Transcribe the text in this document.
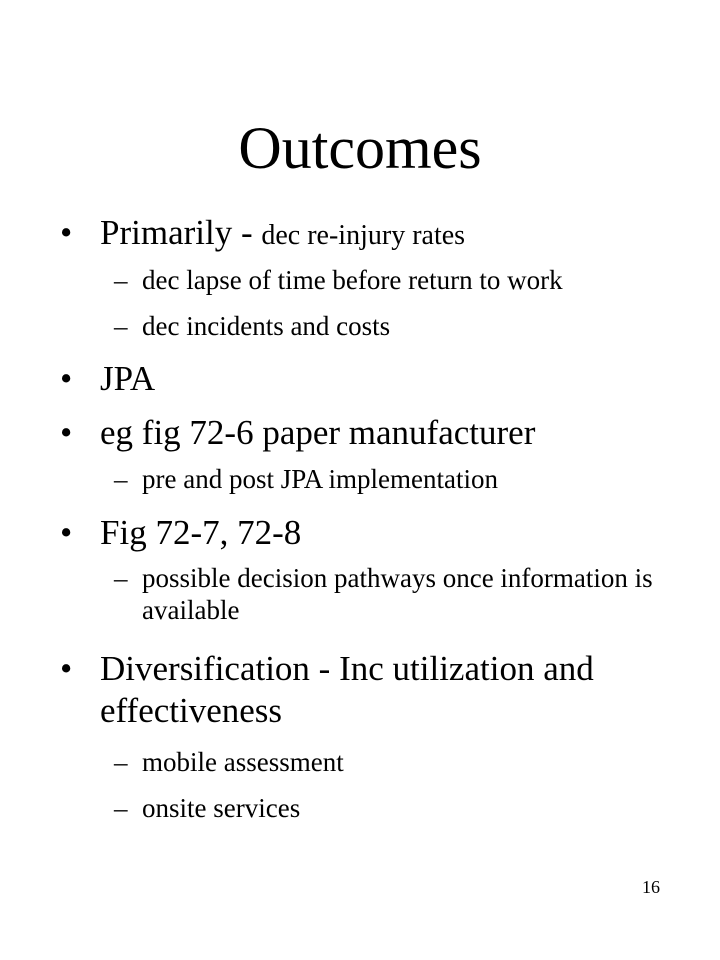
Outcomes
• Primarily - dec re-injury rates
– dec lapse of time before return to work
– dec incidents and costs
• JPA
• eg fig 72-6 paper manufacturer
– pre and post JPA implementation
• Fig 72-7, 72-8
– possible decision pathways once information is available
• Diversification - Inc utilization and effectiveness
– mobile assessment
– onsite services
16
